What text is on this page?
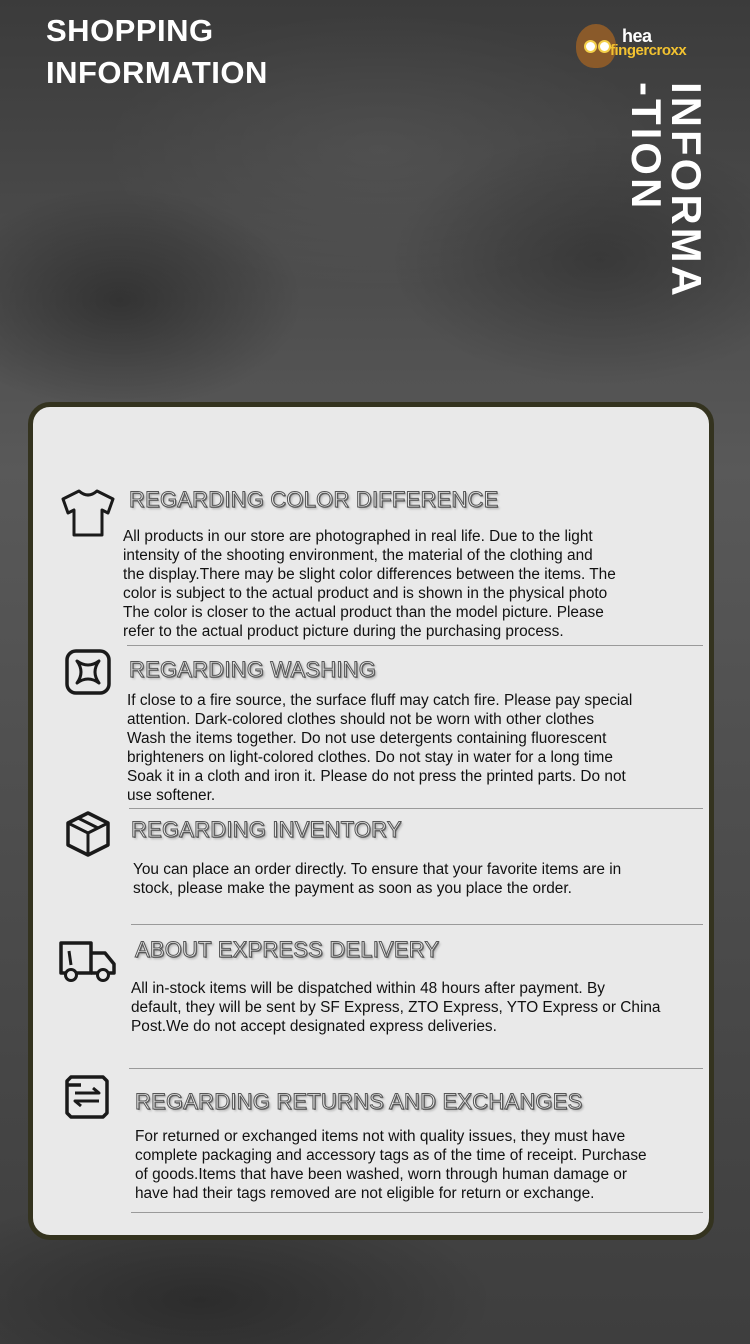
SHOPPING
INFORMATION
hea
fingercroxx
INFORMA
-TION
REGARDING COLOR DIFFERENCE
All products in our store are photographed in real life. Due to the light
intensity of the shooting environment, the material of the clothing and
the display.There may be slight color differences between the items. The
color is subject to the actual product and is shown in the physical photo
The color is closer to the actual product than the model picture. Please
refer to the actual product picture during the purchasing process.
REGARDING WASHING
If close to a fire source, the surface fluff may catch fire. Please pay special
attention. Dark-colored clothes should not be worn with other clothes
Wash the items together. Do not use detergents containing fluorescent
brighteners on light-colored clothes. Do not stay in water for a long time
Soak it in a cloth and iron it. Please do not press the printed parts. Do not
use softener.
REGARDING INVENTORY
You can place an order directly. To ensure that your favorite items are in
stock, please make the payment as soon as you place the order.
ABOUT EXPRESS DELIVERY
All in-stock items will be dispatched within 48 hours after payment. By
default, they will be sent by SF Express, ZTO Express, YTO Express or China
Post.We do not accept designated express deliveries.
REGARDING RETURNS AND EXCHANGES
For returned or exchanged items not with quality issues, they must have
complete packaging and accessory tags as of the time of receipt. Purchase
of goods.Items that have been washed, worn through human damage or
have had their tags removed are not eligible for return or exchange.
